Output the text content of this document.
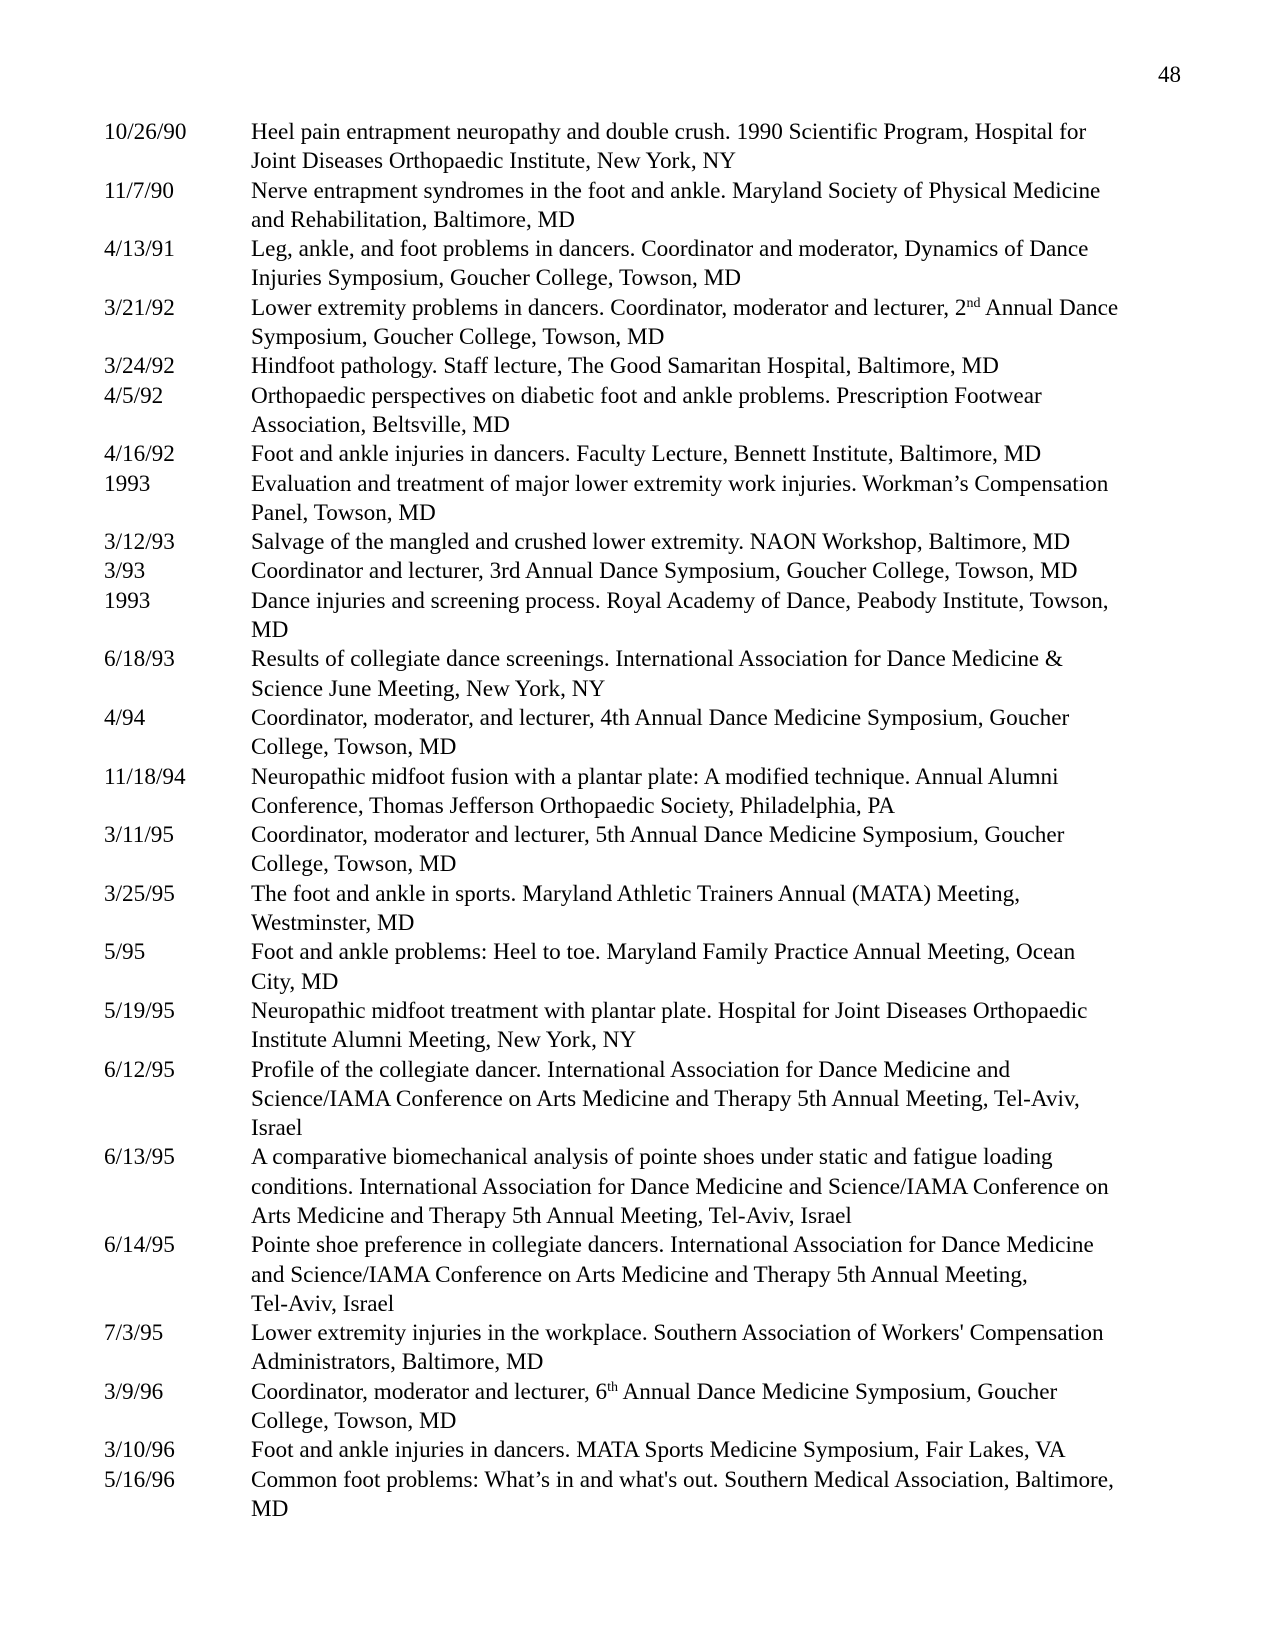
48
10/26/90	Heel pain entrapment neuropathy and double crush. 1990 Scientific Program, Hospital for
Joint Diseases Orthopaedic Institute, New York, NY
11/7/90	Nerve entrapment syndromes in the foot and ankle. Maryland Society of Physical Medicine
and Rehabilitation, Baltimore, MD
4/13/91	Leg, ankle, and foot problems in dancers. Coordinator and moderator, Dynamics of Dance
Injuries Symposium, Goucher College, Towson, MD
3/21/92	Lower extremity problems in dancers. Coordinator, moderator and lecturer, 2nd Annual Dance
Symposium, Goucher College, Towson, MD
3/24/92	Hindfoot pathology. Staff lecture, The Good Samaritan Hospital, Baltimore, MD
4/5/92	Orthopaedic perspectives on diabetic foot and ankle problems. Prescription Footwear
Association, Beltsville, MD
4/16/92	Foot and ankle injuries in dancers. Faculty Lecture, Bennett Institute, Baltimore, MD
1993	Evaluation and treatment of major lower extremity work injuries. Workman’s Compensation
Panel, Towson, MD
3/12/93	Salvage of the mangled and crushed lower extremity. NAON Workshop, Baltimore, MD
3/93	Coordinator and lecturer, 3rd Annual Dance Symposium, Goucher College, Towson, MD
1993	Dance injuries and screening process. Royal Academy of Dance, Peabody Institute, Towson,
MD
6/18/93	Results of collegiate dance screenings. International Association for Dance Medicine &
Science June Meeting, New York, NY
4/94	Coordinator, moderator, and lecturer, 4th Annual Dance Medicine Symposium, Goucher
College, Towson, MD
11/18/94	Neuropathic midfoot fusion with a plantar plate: A modified technique. Annual Alumni
Conference, Thomas Jefferson Orthopaedic Society, Philadelphia, PA
3/11/95	Coordinator, moderator and lecturer, 5th Annual Dance Medicine Symposium, Goucher
College, Towson, MD
3/25/95	The foot and ankle in sports. Maryland Athletic Trainers Annual (MATA) Meeting,
Westminster, MD
5/95	Foot and ankle problems: Heel to toe. Maryland Family Practice Annual Meeting, Ocean
City, MD
5/19/95	Neuropathic midfoot treatment with plantar plate. Hospital for Joint Diseases Orthopaedic
Institute Alumni Meeting, New York, NY
6/12/95	Profile of the collegiate dancer. International Association for Dance Medicine and
Science/IAMA Conference on Arts Medicine and Therapy 5th Annual Meeting, Tel-Aviv,
Israel
6/13/95	A comparative biomechanical analysis of pointe shoes under static and fatigue loading
conditions. International Association for Dance Medicine and Science/IAMA Conference on
Arts Medicine and Therapy 5th Annual Meeting, Tel-Aviv, Israel
6/14/95	Pointe shoe preference in collegiate dancers. International Association for Dance Medicine
and Science/IAMA Conference on Arts Medicine and Therapy 5th Annual Meeting,
Tel-Aviv, Israel
7/3/95	Lower extremity injuries in the workplace. Southern Association of Workers' Compensation
Administrators, Baltimore, MD
3/9/96	Coordinator, moderator and lecturer, 6th Annual Dance Medicine Symposium, Goucher
College, Towson, MD
3/10/96	Foot and ankle injuries in dancers. MATA Sports Medicine Symposium, Fair Lakes, VA
5/16/96	Common foot problems: What’s in and what's out. Southern Medical Association, Baltimore,
MD
